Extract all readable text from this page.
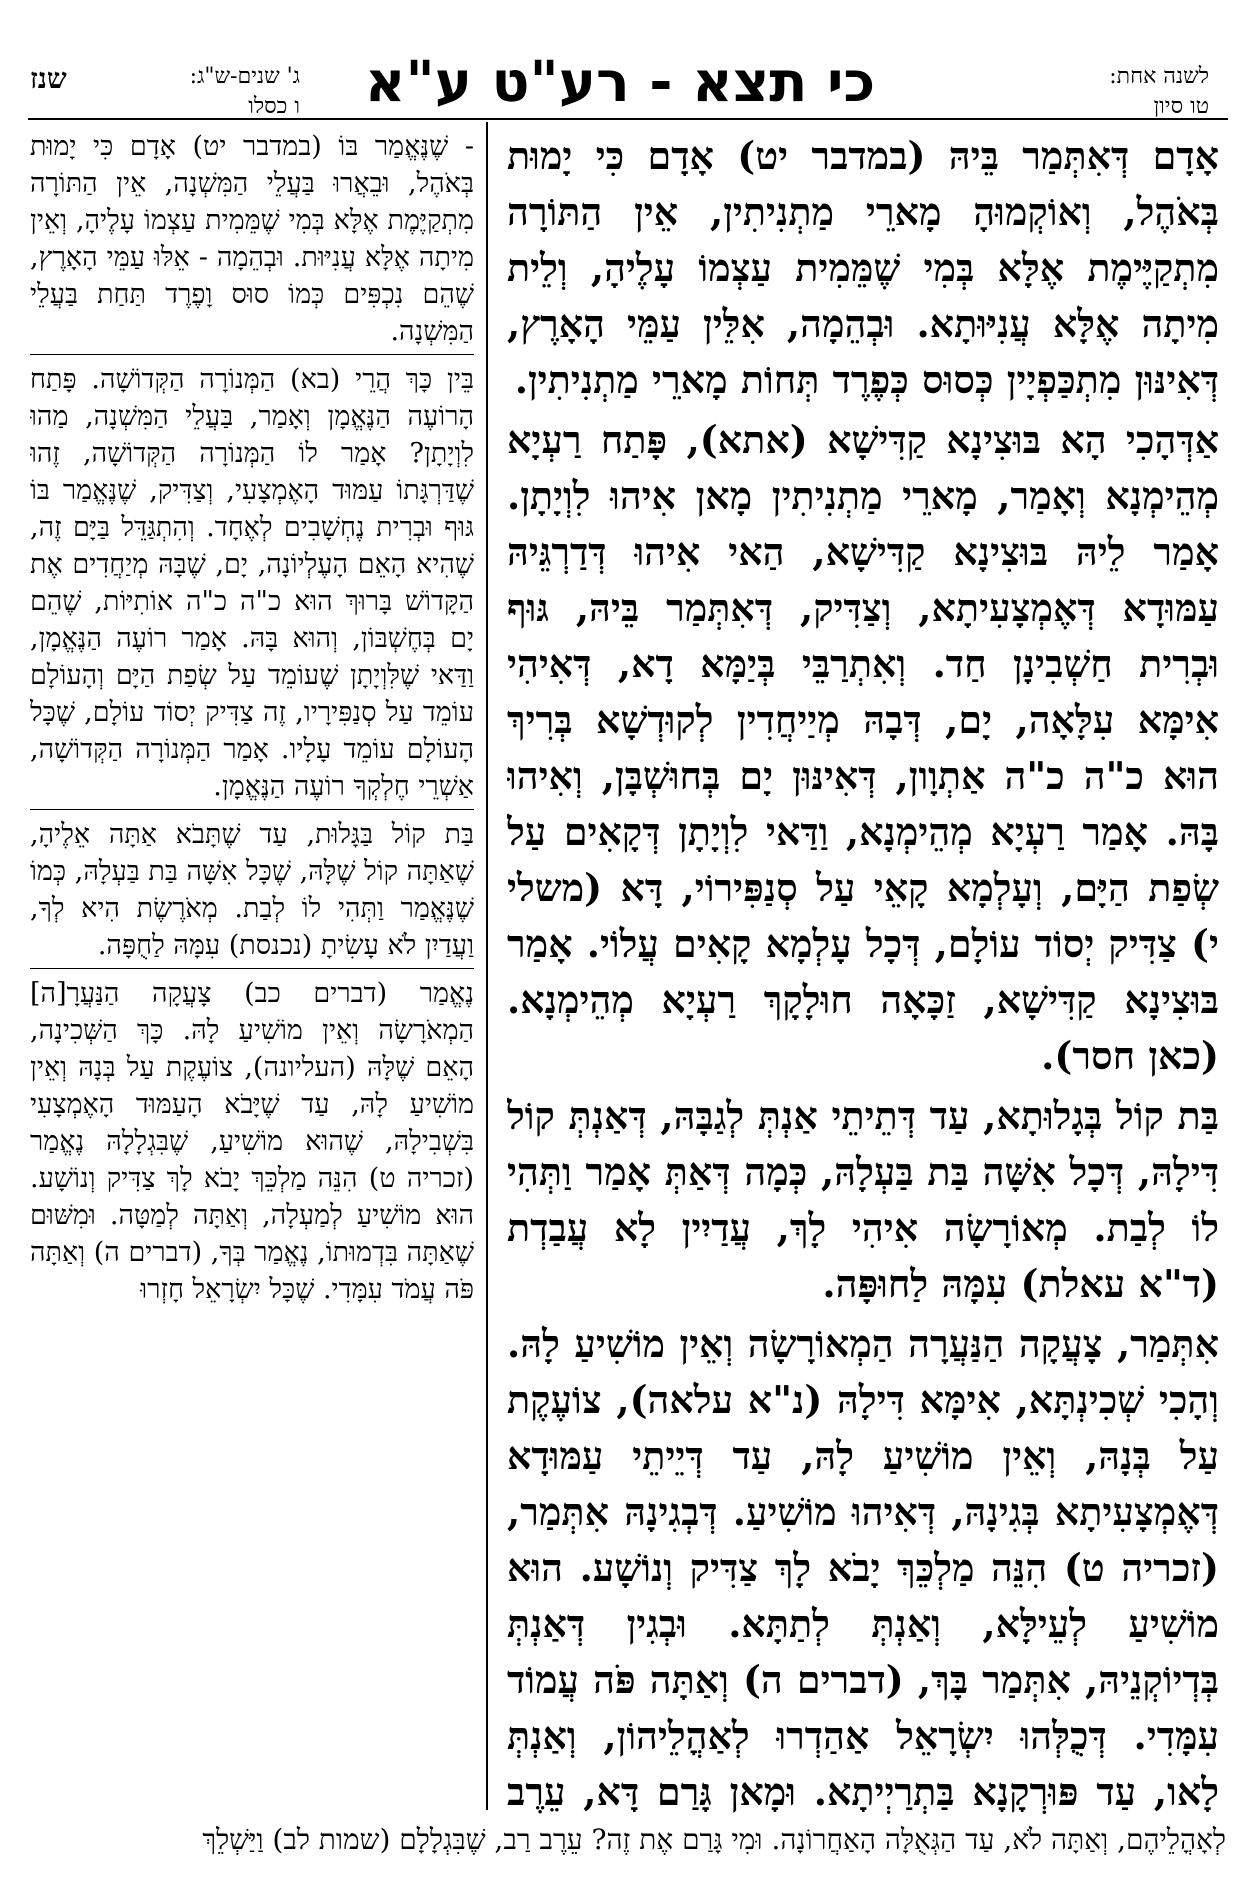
לשנה אחת:
טו סיון
כי תצא - רע"ט ע"א
ג' שנים-ש"ג:
ו כסלו
שנז

אָדָם דְּאִתְּמַר בֵּיהּ (במדבר יט) אָדָם כִּי יָמוּת בְּאֹהֶל, וְאוֹקְמוּהָ מָארֵי מַתְנִיתִין, אֵין הַתּוֹרָה מִתְקַיֶּימֶת אֶלָּא בְּמִי שֶׁמֵּמִית עַצְמוֹ עָלֶיהָ, וְלֵית מִיתָה אֶלָּא עֲנִיּוּתָא. וּבְהֵמָה, אִלֵּין עַמֵּי הָאָרֶץ, דְּאִינּוּן מִתְכַּפְיָין כְּסוּס כְּפֶרֶד תְּחוֹת מָארֵי מַתְנִיתִין.

אַדְּהָכִי הָא בּוּצִינָא קַדִּישָׁא (אתא), פָּתַח רַעְיָא מְהֵימְנָא וְאָמַר, מָארֵי מַתְנִיתִין מָאן אִיהוּ לִוְיָתָן. אָמַר לֵיהּ בּוּצִינָא קַדִּישָׁא, הַאי אִיהוּ דְּדַרְגֵּיהּ עַמּוּדָא דְּאֶמְצָעִיתָא, וְצַדִּיק, דְּאִתְּמַר בֵּיהּ, גּוּף וּבְרִית חַשְׁבִינָן חַד. וְאִתְרַבֵּי בְּיַמָּא דָא, דְּאִיהִי אִימָּא עִלָּאָה, יָם, דְּבָהּ מְיַיחֲדִין לְקוּדְשָׁא בְּרִיךְ הוּא כ"ה כ"ה אַתְוָון, דְּאִינּוּן יָם בְּחוּשְׁבָּן, וְאִיהוּ בָּהּ. אָמַר רַעְיָא מְהֵימְנָא, וַדַּאי לִוְיָתָן דְּקָאִים עַל שְׂפַת הַיָּם, וְעָלְמָא קָאֵי עַל סְנַפִּירוֹי, דָּא (משלי י) צַדִּיק יְסוֹד עוֹלָם, דְּכָל עָלְמָא קָאִים עֲלוֹי. אָמַר בּוּצִינָא קַדִּישָׁא, זַכָּאָה חוּלָקָךְ רַעְיָא מְהֵימְנָא. (כאן חסר).

בַּת קוֹל בְּגָלוּתָא, עַד דְּתֵיתֵי אַנְתְּ לְגַבָּהּ, דְּאַנְתְּ קוֹל דִּילָהּ, דְּכָל אִשָּׁה בַּת בַּעְלָהּ, כְּמָה דְּאַתְּ אָמַר וַתְּהִי לוֹ לְבַת. מְאוֹרָשָׂה אִיהִי לָךְ, עֲדַיִין לָא עֲבַדְת (ד"א עאלת) עִמָּהּ לַחוּפָּה.

אִתְּמַר, צָעֲקָה הַנַּעֲרָה הַמְאוֹרָשָׂה וְאֵין מוֹשִׁיעַ לָהּ. וְהָכִי שְׁכִינְתָּא, אִימָּא דִּילָהּ (נ"א עלאה), צוֹעֶקֶת עַל בְּנָהּ, וְאֵין מוֹשִׁיעַ לָהּ, עַד דְּיֵיתֵי עַמּוּדָא דְּאֶמְצָעִיתָא בְּגִינָהּ, דְּאִיהוּ מוֹשִׁיעַ. דְּבְגִינָהּ אִתְּמַר, (זכריה ט) הִנֵּה מַלְכֵּךְ יָבֹא לָךְ צַדִּיק וְנוֹשָׁע. הוּא מוֹשִׁיעַ לְעֵילָּא, וְאַנְתְּ לְתַתָּא. וּבְגִין דְּאַנְתְּ בְּדְיוֹקְנֵיהּ, אִתְּמַר בָּךְ, (דברים ה) וְאַתָּה פֹּה עֲמוֹד עִמָּדִי. דְּכֻלְּהוּ יִשְׂרָאֵל אַהַדְרוּ לְאַהֳלֵיהוֹן, וְאַנְתְּ לָאו, עַד פּוּרְקָנָא בַּתְרַיְיתָא. וּמָאן גָּרַם דָּא, עֵרֶב

- שֶׁנֶּאֱמַר בּוֹ (במדבר יט) אָדָם כִּי יָמוּת בְּאֹהֶל, וּבֵאֲרוּ בַּעֲלֵי הַמִּשְׁנָה, אֵין הַתּוֹרָה מִתְקַיֶּמֶת אֶלָּא בְּמִי שֶׁמֵּמִית עַצְמוֹ עָלֶיהָ, וְאֵין מִיתָה אֶלָּא עֲנִיּוּת. וּבְהֵמָה - אֵלּוּ עַמֵּי הָאָרֶץ, שֶׁהֵם נִכְפִּים כְּמוֹ סוּס וָפֶרֶד תַּחַת בַּעֲלֵי הַמִּשְׁנָה.

בֵּין כָּךְ הֲרֵי (בא) הַמְּנוֹרָה הַקְּדוֹשָׁה. פָּתַח הָרוֹעֶה הַנֶּאֱמָן וְאָמַר, בַּעֲלֵי הַמִּשְׁנָה, מַהוּ לִוְיָתָן? אָמַר לוֹ הַמְּנוֹרָה הַקְּדוֹשָׁה, זֶהוּ שֶׁדַּרְגָּתוֹ עַמּוּד הָאֶמְצָעִי, וְצַדִּיק, שֶׁנֶּאֱמַר בּוֹ גּוּף וּבְרִית נֶחְשָׁבִים לְאֶחָד. וְהִתְגַּדֵּל בַּיָּם זֶה, שֶׁהִיא הָאֵם הָעֶלְיוֹנָה, יָם, שֶׁבָּהּ מְיַחֲדִים אֶת הַקָּדוֹשׁ בָּרוּךְ הוּא כ"ה כ"ה אוֹתִיּוֹת, שֶׁהֵם יָם בְּחֶשְׁבּוֹן, וְהוּא בָּהּ. אָמַר רוֹעֶה הַנֶּאֱמָן, וַדַּאי שֶׁלִּוְיָתָן שֶׁעוֹמֵד עַל שְׂפַת הַיָּם וְהָעוֹלָם עוֹמֵד עַל סְנַפִּירָיו, זֶה צַדִּיק יְסוֹד עוֹלָם, שֶׁכָּל הָעוֹלָם עוֹמֵד עָלָיו. אָמַר הַמְּנוֹרָה הַקְּדוֹשָׁה, אַשְׁרֵי חֶלְקְךָ רוֹעֶה הַנֶּאֱמָן.

בַּת קוֹל בַּגָּלוּת, עַד שֶׁתָּבֹא אַתָּה אֵלֶיהָ, שֶׁאַתָּה קוֹל שֶׁלָּהּ, שֶׁכָּל אִשָּׁה בַּת בַּעְלָהּ, כְּמוֹ שֶׁנֶּאֱמַר וַתְּהִי לוֹ לְבַת. מְאֹרֶשֶׂת הִיא לְךָ, וַעֲדַיִן לֹא עָשִׂיתָ (נכנסת) עִמָּהּ לַחֻפָּה.

נֶאֱמַר (דברים כב) צָעֲקָה הַנַּעֲרָ[ה] הַמְאֹרָשָׂה וְאֵין מוֹשִׁיעַ לָהּ. כָּךְ הַשְּׁכִינָה, הָאֵם שֶׁלָּהּ (העליונה), צוֹעֶקֶת עַל בְּנָהּ וְאֵין מוֹשִׁיעַ לָהּ, עַד שֶׁיָּבֹא הָעַמּוּד הָאֶמְצָעִי בִּשְׁבִילָהּ, שֶׁהוּא מוֹשִׁיעַ, שֶׁבִּגְלָלָהּ נֶאֱמַר (זכריה ט) הִנֵּה מַלְכֵּךְ יָבֹא לָךְ צַדִּיק וְנוֹשָׁע. הוּא מוֹשִׁיעַ לְמַעְלָה, וְאַתָּה לְמַטָּה. וּמִשּׁוּם שֶׁאַתָּה בִּדְמוּתוֹ, נֶאֱמַר בְּךָ, (דברים ה) וְאַתָּה פֹּה עֲמֹד עִמָּדִי. שֶׁכָּל יִשְׂרָאֵל חָזְרוּ

לְאָהֳלֵיהֶם, וְאַתָּה לֹא, עַד הַגְּאֻלָּה הָאַחֲרוֹנָה. וּמִי גָּרַם אֶת זֶה? עֵרֶב רַב, שֶׁבִּגְלָלָם (שמות לב) וַיַּשְׁלֵךְ
